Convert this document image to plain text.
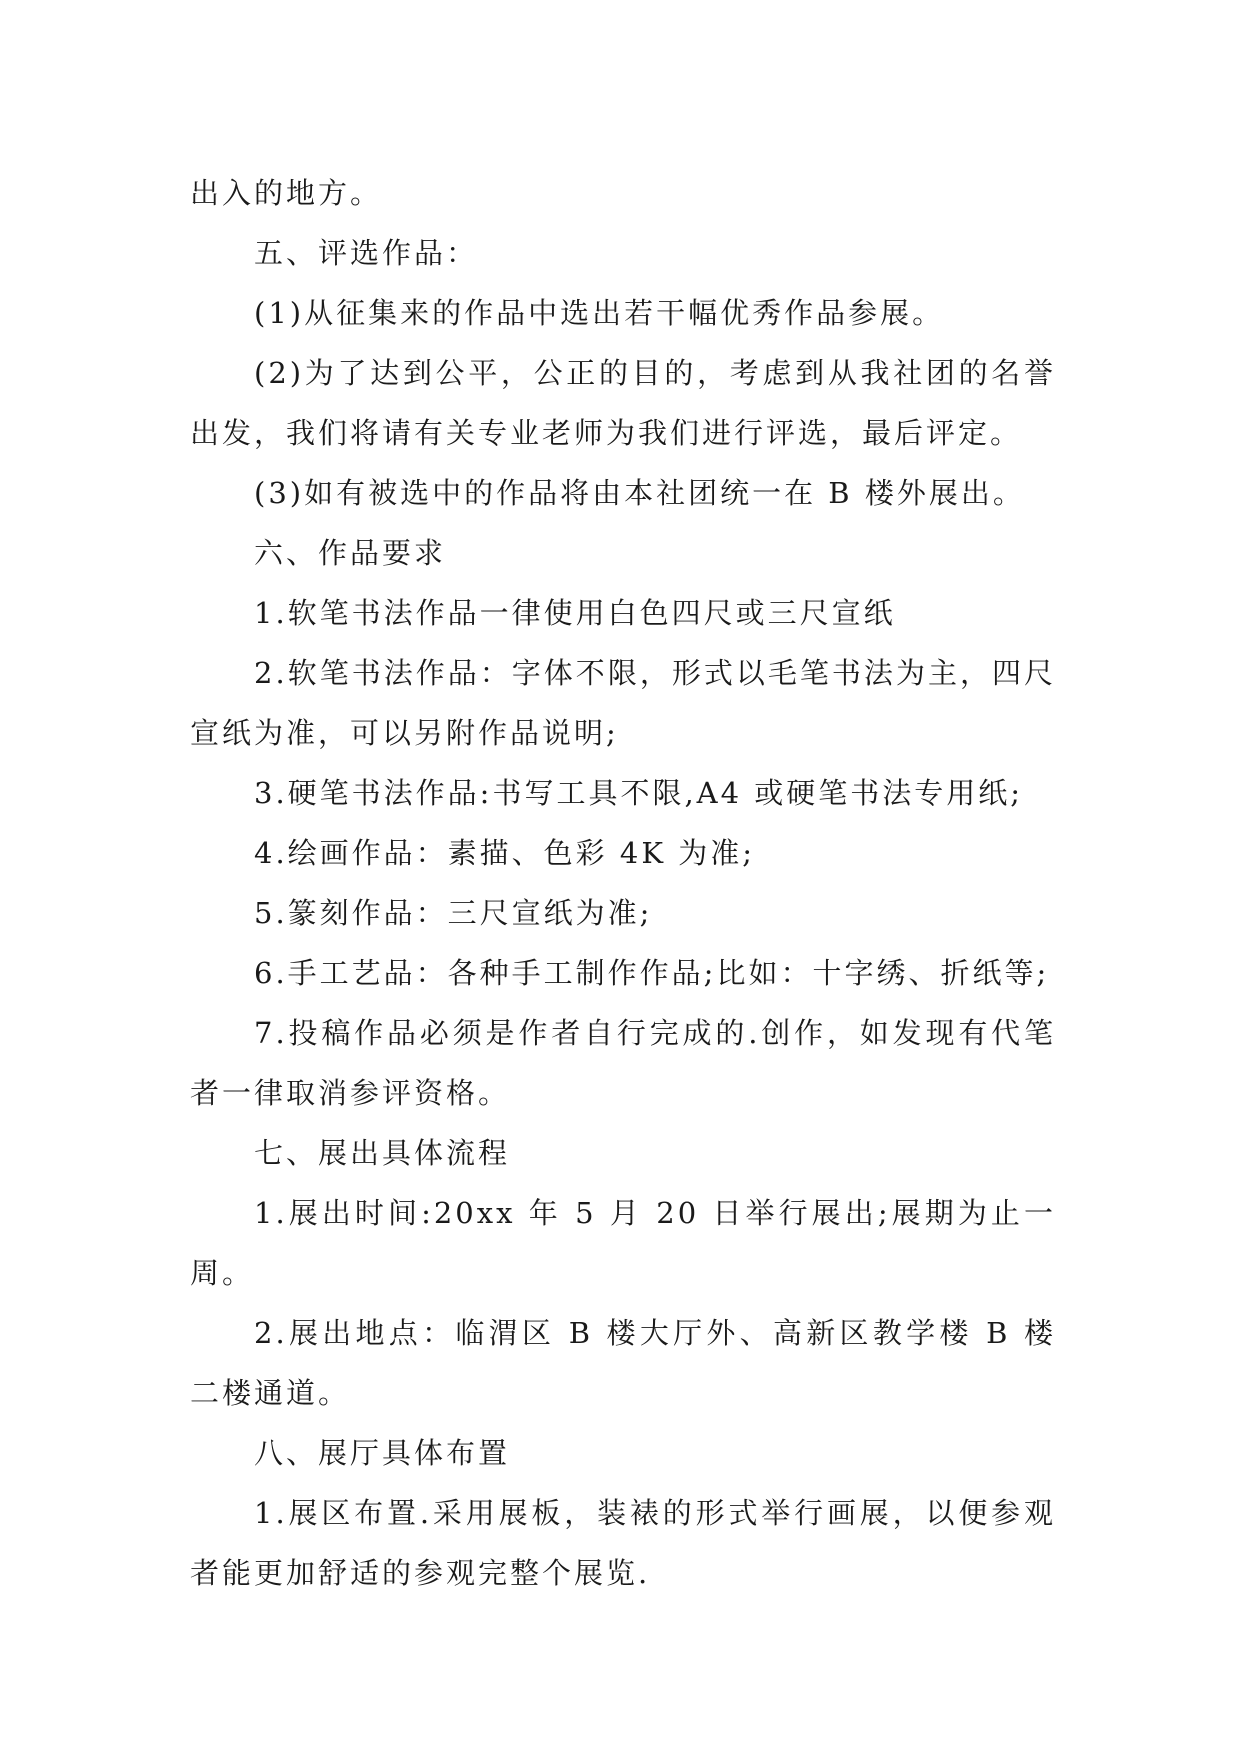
出入的地方。

五、评选作品：

(1)从征集来的作品中选出若干幅优秀作品参展。

(2)为了达到公平，公正的目的，考虑到从我社团的名誉出发，我们将请有关专业老师为我们进行评选，最后评定。

(3)如有被选中的作品将由本社团统一在 B 楼外展出。

六、作品要求

1.软笔书法作品一律使用白色四尺或三尺宣纸

2.软笔书法作品：字体不限，形式以毛笔书法为主，四尺宣纸为准，可以另附作品说明;

3.硬笔书法作品:书写工具不限,A4 或硬笔书法专用纸;

4.绘画作品：素描、色彩 4K 为准;

5.篆刻作品：三尺宣纸为准;

6.手工艺品：各种手工制作作品;比如：十字绣、折纸等;

7.投稿作品必须是作者自行完成的.创作，如发现有代笔者一律取消参评资格。

七、展出具体流程

1.展出时间:20xx 年 5 月 20 日举行展出;展期为止一周。

2.展出地点：临渭区 B 楼大厅外、高新区教学楼 B 楼二楼通道。

八、展厅具体布置

1.展区布置.采用展板，装裱的形式举行画展，以便参观者能更加舒适的参观完整个展览.
